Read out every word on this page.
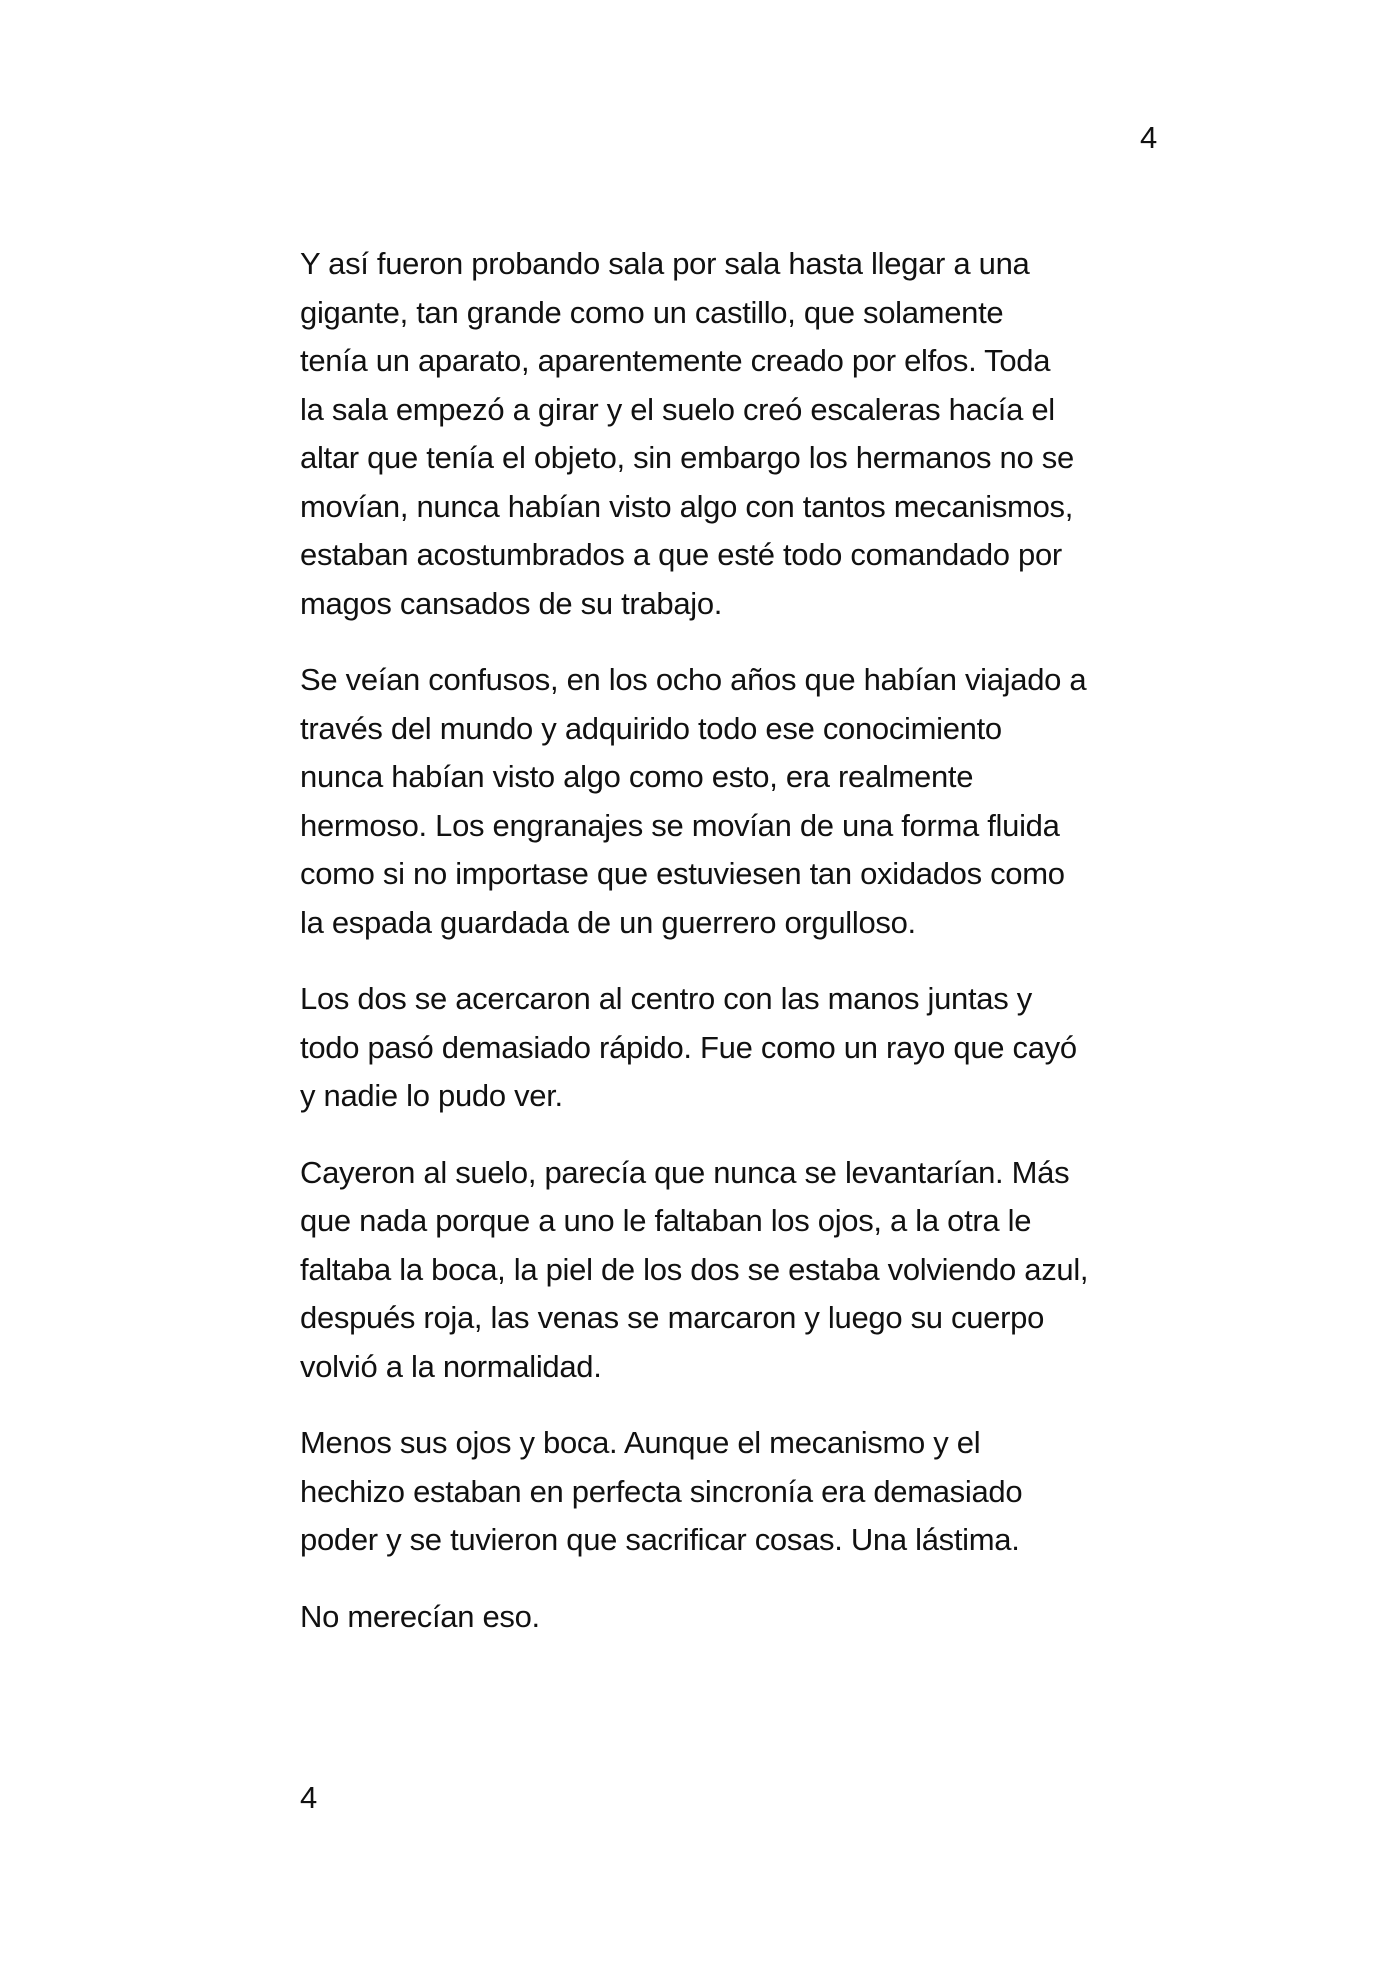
4

Y así fueron probando sala por sala hasta llegar a una
gigante, tan grande como un castillo, que solamente
tenía un aparato, aparentemente creado por elfos. Toda
la sala empezó a girar y el suelo creó escaleras hacía el
altar que tenía el objeto, sin embargo los hermanos no se
movían, nunca habían visto algo con tantos mecanismos,
estaban acostumbrados a que esté todo comandado por
magos cansados de su trabajo.

Se veían confusos, en los ocho años que habían viajado a
través del mundo y adquirido todo ese conocimiento
nunca habían visto algo como esto, era realmente
hermoso. Los engranajes se movían de una forma fluida
como si no importase que estuviesen tan oxidados como
la espada guardada de un guerrero orgulloso.

Los dos se acercaron al centro con las manos juntas y
todo pasó demasiado rápido. Fue como un rayo que cayó
y nadie lo pudo ver.

Cayeron al suelo, parecía que nunca se levantarían. Más
que nada porque a uno le faltaban los ojos, a la otra le
faltaba la boca, la piel de los dos se estaba volviendo azul,
después roja, las venas se marcaron y luego su cuerpo
volvió a la normalidad.

Menos sus ojos y boca. Aunque el mecanismo y el
hechizo estaban en perfecta sincronía era demasiado
poder y se tuvieron que sacrificar cosas. Una lástima.

No merecían eso.

4
